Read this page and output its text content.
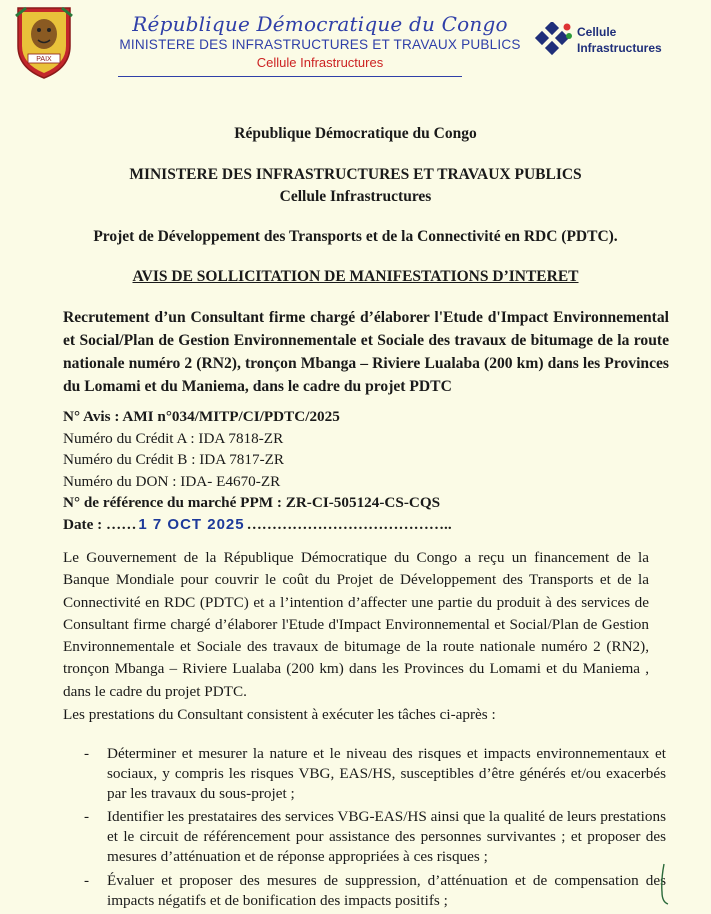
PAIX
République Démocratique du Congo
MINISTERE DES INFRASTRUCTURES ET TRAVAUX PUBLICS
Cellule Infrastructures
Cellule
Infrastructures
République Démocratique du Congo
MINISTERE DES INFRASTRUCTURES ET TRAVAUX PUBLICS
Cellule Infrastructures
Projet de Développement des Transports et de la Connectivité en RDC (PDTC).
AVIS DE SOLLICITATION DE MANIFESTATIONS D’INTERET
Recrutement d’un Consultant firme chargé d’élaborer l'Etude d'Impact Environnemental et Social/Plan de Gestion Environnementale et Sociale des travaux de bitumage de la route nationale numéro 2 (RN2), tronçon Mbanga – Riviere Lualaba (200 km) dans les Provinces du Lomami et du Maniema, dans le cadre du projet PDTC
N° Avis : AMI n°034/MITP/CI/PDTC/2025
Numéro du Crédit A : IDA 7818-ZR
Numéro du Crédit B : IDA 7817-ZR
Numéro du DON : IDA- E4670-ZR
N° de référence du marché PPM : ZR-CI-505124-CS-CQS
Date : …… 1 7 OCT 2025 …………………………………..
Le Gouvernement de la République Démocratique du Congo a reçu un financement de la Banque Mondiale pour couvrir le coût du Projet de Développement des Transports et de la Connectivité en RDC (PDTC) et a l’intention d’affecter une partie du produit à des services de Consultant firme chargé d’élaborer l'Etude d'Impact Environnemental et Social/Plan de Gestion Environnementale et Sociale des travaux de bitumage de la route nationale numéro 2 (RN2), tronçon Mbanga – Riviere Lualaba (200 km) dans les Provinces du Lomami et du Maniema , dans le cadre du projet PDTC.
Les prestations du Consultant consistent à exécuter les tâches ci-après :
- Déterminer et mesurer la nature et le niveau des risques et impacts environnementaux et sociaux, y compris les risques VBG, EAS/HS, susceptibles d’être générés et/ou exacerbés par les travaux du sous-projet ;
- Identifier les prestataires des services VBG-EAS/HS ainsi que la qualité de leurs prestations et le circuit de référencement pour assistance des personnes survivantes ; et proposer des mesures d’atténuation et de réponse appropriées à ces risques ;
- Évaluer et proposer des mesures de suppression, d’atténuation et de compensation des impacts négatifs et de bonification des impacts positifs ;
